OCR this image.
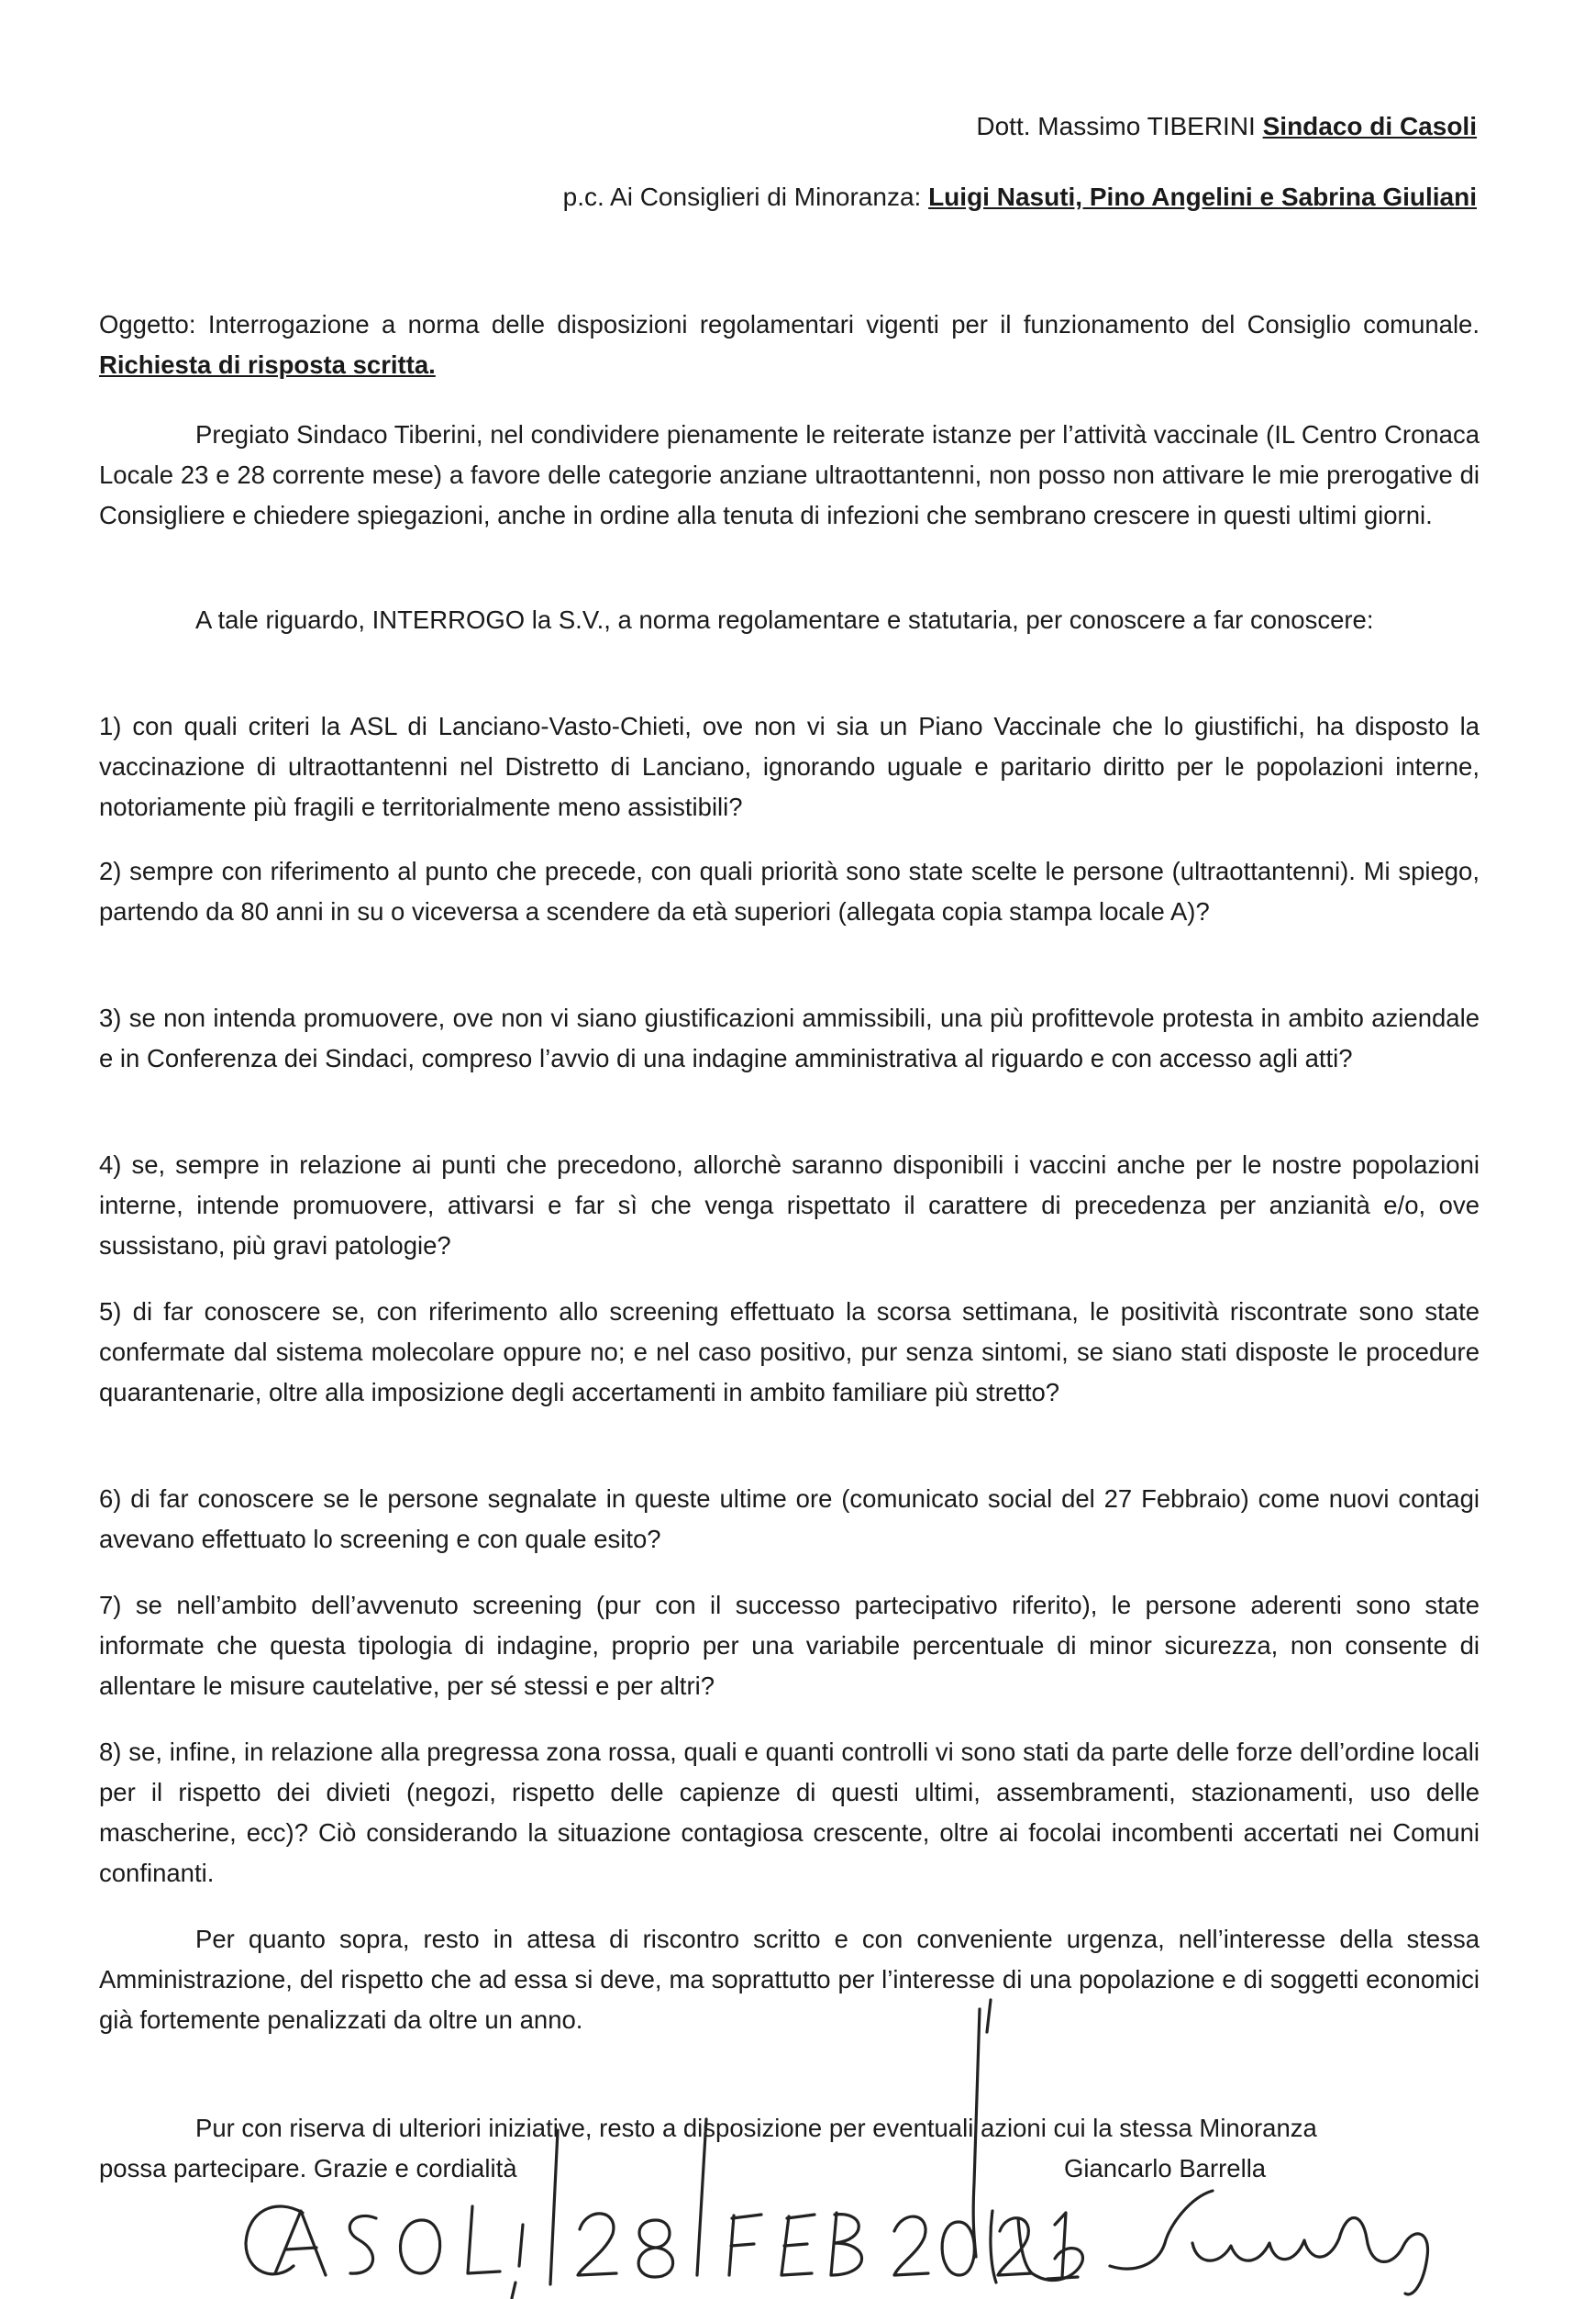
Dott. Massimo TIBERINI Sindaco di Casoli
p.c. Ai Consiglieri di Minoranza: Luigi Nasuti, Pino Angelini e Sabrina Giuliani
Oggetto: Interrogazione a norma delle disposizioni regolamentari vigenti per il funzionamento del Consiglio comunale. Richiesta di risposta scritta.
Pregiato Sindaco Tiberini, nel condividere pienamente le reiterate istanze per l’attività vaccinale (IL Centro Cronaca Locale 23 e 28 corrente mese) a favore delle categorie anziane ultraottantenni, non posso non attivare le mie prerogative di Consigliere e chiedere spiegazioni, anche in ordine alla tenuta di infezioni che sembrano crescere in questi ultimi giorni.
A tale riguardo, INTERROGO la S.V., a norma regolamentare e statutaria, per conoscere a far conoscere:
1) con quali criteri la ASL di Lanciano-Vasto-Chieti, ove non vi sia un Piano Vaccinale che lo giustifichi, ha disposto la vaccinazione di ultraottantenni nel Distretto di Lanciano, ignorando uguale e paritario diritto per le popolazioni interne, notoriamente più fragili e territorialmente meno assistibili?
2) sempre con riferimento al punto che precede, con quali priorità sono state scelte le persone (ultraottantenni). Mi spiego, partendo da 80 anni in su o viceversa a scendere da età superiori (allegata copia stampa locale A)?
3) se non intenda promuovere, ove non vi siano giustificazioni ammissibili, una più profittevole protesta in ambito aziendale e in Conferenza dei Sindaci, compreso l’avvio di una indagine amministrativa al riguardo e con accesso agli atti?
4) se, sempre in relazione ai punti che precedono, allorchè saranno disponibili i vaccini anche per le nostre popolazioni interne, intende promuovere, attivarsi e far sì che venga rispettato il carattere di precedenza per anzianità e/o, ove sussistano, più gravi patologie?
5) di far conoscere se, con riferimento allo screening effettuato la scorsa settimana, le positività riscontrate sono state confermate dal sistema molecolare oppure no; e nel caso positivo, pur senza sintomi, se siano stati disposte le procedure quarantenarie, oltre alla imposizione degli accertamenti in ambito familiare più stretto?
6) di far conoscere se le persone segnalate in queste ultime ore (comunicato social del 27 Febbraio) come nuovi contagi avevano effettuato lo screening e con quale esito?
7) se nell’ambito dell’avvenuto screening (pur con il successo partecipativo riferito), le persone aderenti sono state informate che questa tipologia di indagine, proprio per una variabile percentuale di minor sicurezza, non consente di allentare le misure cautelative, per sé stessi e per altri?
8) se, infine, in relazione alla pregressa zona rossa, quali e quanti controlli vi sono stati da parte delle forze dell’ordine locali per il rispetto dei divieti (negozi, rispetto delle capienze di questi ultimi, assembramenti, stazionamenti, uso delle mascherine, ecc)? Ciò considerando la situazione contagiosa crescente, oltre ai focolai incombenti accertati nei Comuni confinanti.
Per quanto sopra, resto in attesa di riscontro scritto e con conveniente urgenza, nell’interesse della stessa Amministrazione, del rispetto che ad essa si deve, ma soprattutto per l’interesse di una popolazione e di soggetti economici già fortemente penalizzati da oltre un anno.
Pur con riserva di ulteriori iniziative, resto a disposizione per eventuali azioni cui la stessa Minoranza
possa partecipare. Grazie e cordialità	Giancarlo Barrella
